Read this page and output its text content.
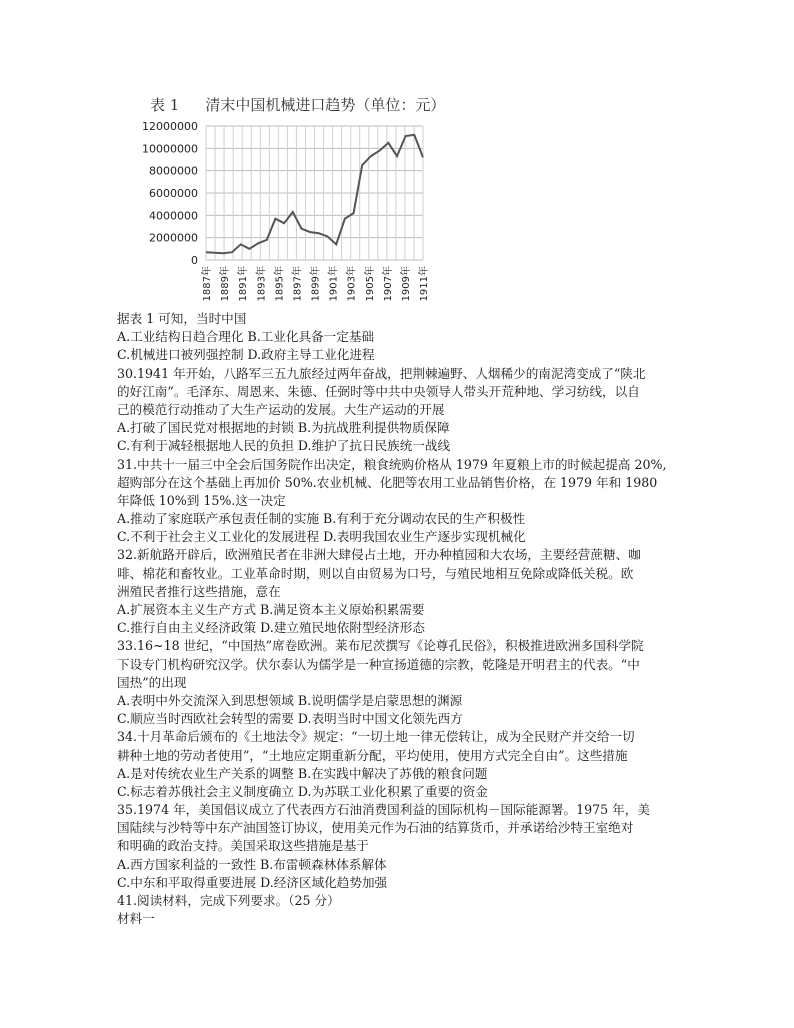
表 1 清末中国机械进口趋势（单位：元）
0
2000000
4000000
6000000
8000000
10000000
12000000
1887年 1889年 1891年 1893年 1895年 1897年 1899年 1901年 1903年 1905年 1907年 1909年 1911年
据表 1 可知，当时中国
A.工业结构日趋合理化 B.工业化具备一定基础
C.机械进口被列强控制 D.政府主导工业化进程
30.1941 年开始，八路军三五九旅经过两年奋战，把荆棘遍野、人烟稀少的南泥湾变成了“陕北
的好江南”。毛泽东、周恩来、朱德、任弼时等中共中央领导人带头开荒种地、学习纺线，以自
己的模范行动推动了大生产运动的发展。大生产运动的开展
A.打破了国民党对根据地的封锁 B.为抗战胜利提供物质保障
C.有利于减轻根据地人民的负担 D.维护了抗日民族统一战线
31.中共十一届三中全会后国务院作出决定，粮食统购价格从 1979 年夏粮上市的时候起提高 20%,
超购部分在这个基础上再加价 50%.农业机械、化肥等农用工业品销售价格，在 1979 年和 1980
年降低 10%到 15%.这一决定
A.推动了家庭联产承包责任制的实施 B.有利于充分调动农民的生产积极性
C.不利于社会主义工业化的发展进程 D.表明我国农业生产逐步实现机械化
32.新航路开辟后，欧洲殖民者在非洲大肆侵占土地，开办种植园和大农场，主要经营蔗糖、咖
啡、棉花和畜牧业。工业革命时期，则以自由贸易为口号，与殖民地相互免除或降低关税。欧
洲殖民者推行这些措施，意在
A.扩展资本主义生产方式 B.满足资本主义原始积累需要
C.推行自由主义经济政策 D.建立殖民地依附型经济形态
33.16~18 世纪，“中国热”席卷欧洲。莱布尼茨撰写《论尊孔民俗》，积极推进欧洲多国科学院
下设专门机构研究汉学。伏尔泰认为儒学是一种宣扬道德的宗教，乾隆是开明君主的代表。“中
国热”的出现
A.表明中外交流深入到思想领域 B.说明儒学是启蒙思想的渊源
C.顺应当时西欧社会转型的需要 D.表明当时中国文化领先西方
34.十月革命后颁布的《土地法令》规定：“一切土地一律无偿转让，成为全民财产并交给一切
耕种土地的劳动者使用”，“土地应定期重新分配，平均使用，使用方式完全自由”。这些措施
A.是对传统农业生产关系的调整 B.在实践中解决了苏俄的粮食问题
C.标志着苏俄社会主义制度确立 D.为苏联工业化积累了重要的资金
35.1974 年，美国倡议成立了代表西方石油消费国利益的国际机构－国际能源署。1975 年，美
国陆续与沙特等中东产油国签订协议，使用美元作为石油的结算货币，并承诺给沙特王室绝对
和明确的政治支持。美国采取这些措施是基于
A.西方国家利益的一致性 B.布雷顿森林体系解体
C.中东和平取得重要进展 D.经济区域化趋势加强
41.阅读材料，完成下列要求。（25 分）
材料一
